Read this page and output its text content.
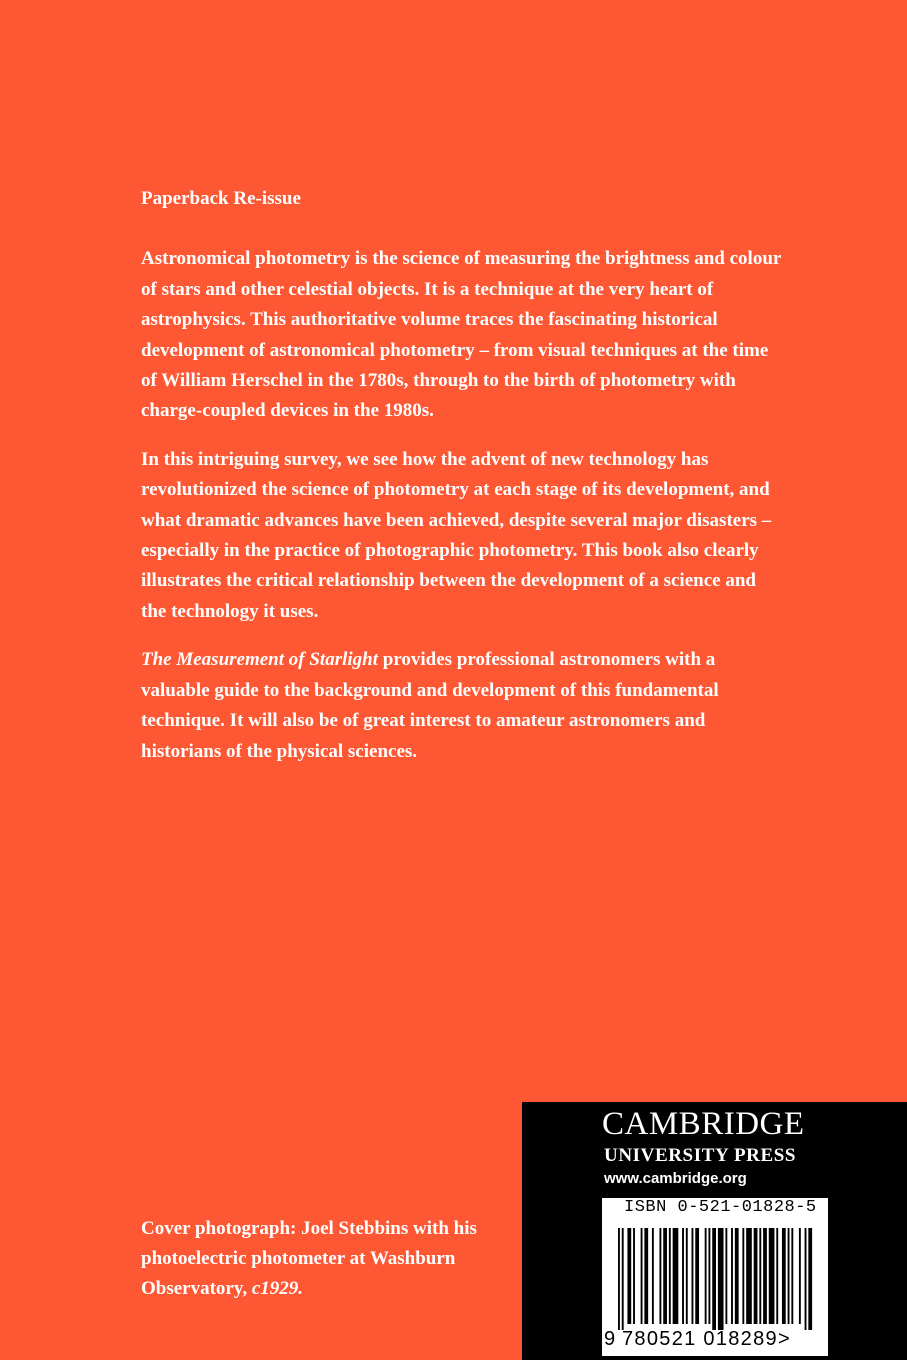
Paperback Re-issue

Astronomical photometry is the science of measuring the brightness and colour of stars and other celestial objects. It is a technique at the very heart of astrophysics. This authoritative volume traces the fascinating historical development of astronomical photometry – from visual techniques at the time of William Herschel in the 1780s, through to the birth of photometry with charge-coupled devices in the 1980s.

In this intriguing survey, we see how the advent of new technology has revolutionized the science of photometry at each stage of its development, and what dramatic advances have been achieved, despite several major disasters – especially in the practice of photographic photometry. This book also clearly illustrates the critical relationship between the development of a science and the technology it uses.

The Measurement of Starlight provides professional astronomers with a valuable guide to the background and development of this fundamental technique. It will also be of great interest to amateur astronomers and historians of the physical sciences.

Cover photograph: Joel Stebbins with his photoelectric photometer at Washburn Observatory, c1929.
CAMBRIDGE
UNIVERSITY PRESS
www.cambridge.org
ISBN 0-521-01828-5
9 780521 018289>
